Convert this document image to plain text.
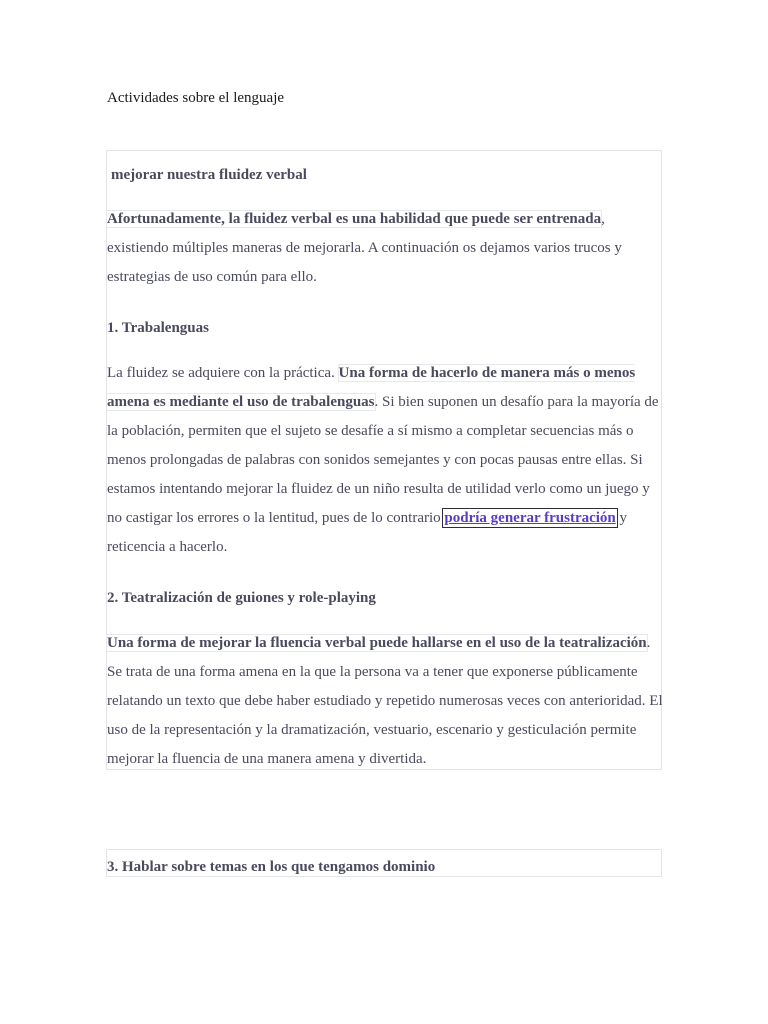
Actividades sobre el lenguaje
mejorar nuestra fluidez verbal

Afortunadamente, la fluidez verbal es una habilidad que puede ser entrenada, existiendo múltiples maneras de mejorarla. A continuación os dejamos varios trucos y estrategias de uso común para ello.

1. Trabalenguas

La fluidez se adquiere con la práctica. Una forma de hacerlo de manera más o menos amena es mediante el uso de trabalenguas. Si bien suponen un desafío para la mayoría de la población, permiten que el sujeto se desafíe a sí mismo a completar secuencias más o menos prolongadas de palabras con sonidos semejantes y con pocas pausas entre ellas. Si estamos intentando mejorar la fluidez de un niño resulta de utilidad verlo como un juego y no castigar los errores o la lentitud, pues de lo contrario podría generar frustración y reticencia a hacerlo.

2. Teatralización de guiones y role-playing

Una forma de mejorar la fluencia verbal puede hallarse en el uso de la teatralización. Se trata de una forma amena en la que la persona va a tener que exponerse públicamente relatando un texto que debe haber estudiado y repetido numerosas veces con anterioridad. El uso de la representación y la dramatización, vestuario, escenario y gesticulación permite mejorar la fluencia de una manera amena y divertida.

3. Hablar sobre temas en los que tengamos dominio
